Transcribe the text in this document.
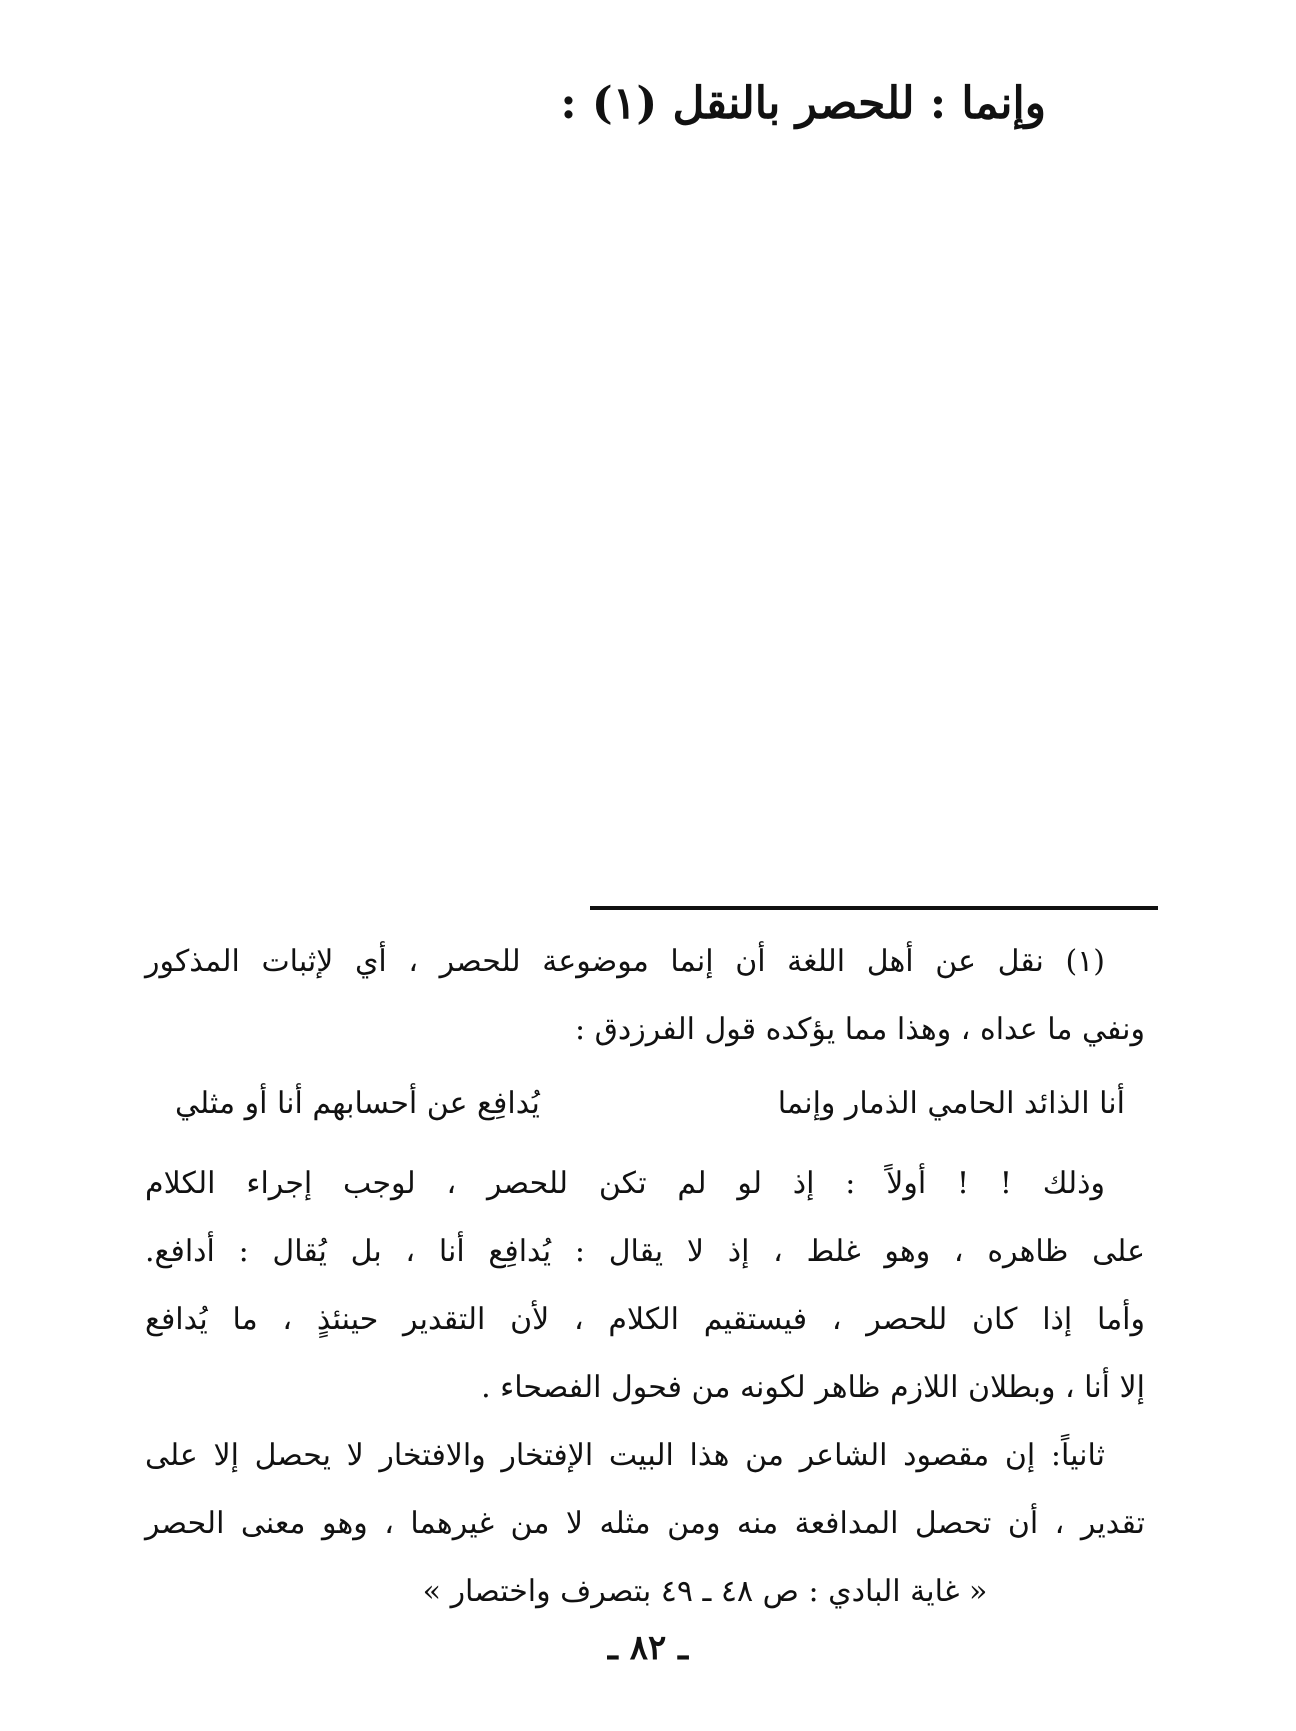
وإنما : للحصر بالنقل (١) :
(١) نقل عن أهل اللغة أن إنما موضوعة للحصر ، أي لإثبات المذكور
ونفي ما عداه ، وهذا مما يؤكده قول الفرزدق :
أنا الذائد الحامي الذمار وإنما
يُدافِع عن أحسابهم أنا أو مثلي
وذلك ! ! أولاً : إذ لو لم تكن للحصر ، لوجب إجراء الكلام
على ظاهره ، وهو غلط ، إذ لا يقال : يُدافِع أنا ، بل يُقال : أدافع.
وأما إذا كان للحصر ، فيستقيم الكلام ، لأن التقدير حينئذٍ ، ما يُدافع
إلا أنا ، وبطلان اللازم ظاهر لكونه من فحول الفصحاء .
ثانياً: إن مقصود الشاعر من هذا البيت الإفتخار والافتخار لا يحصل إلا على
تقدير ، أن تحصل المدافعة منه ومن مثله لا من غيرهما ، وهو معنى الحصر
« غاية البادي : ص ٤٨ ـ ٤٩ بتصرف واختصار »
ـ ٨٢ ـ
